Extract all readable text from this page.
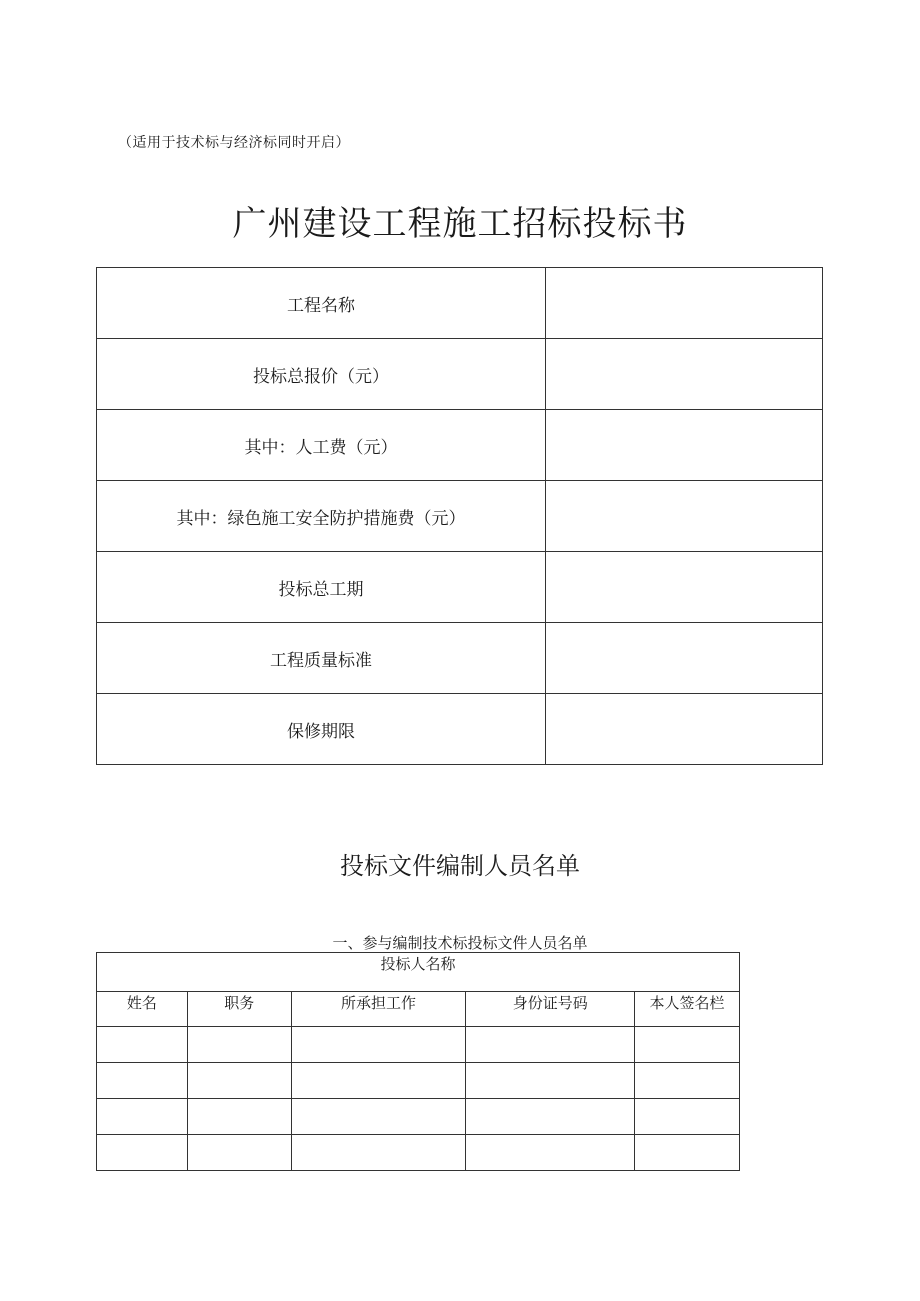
（适用于技术标与经济标同时开启）
广州建设工程施工招标投标书
工程名称	
投标总报价（元）	
其中：人工费（元）	
其中：绿色施工安全防护措施费（元）	
投标总工期	
工程质量标准	
保修期限	
投标文件编制人员名单
一、参与编制技术标投标文件人员名单
投标人名称				
姓名	职务	所承担工作	身份证号码	本人签名栏
